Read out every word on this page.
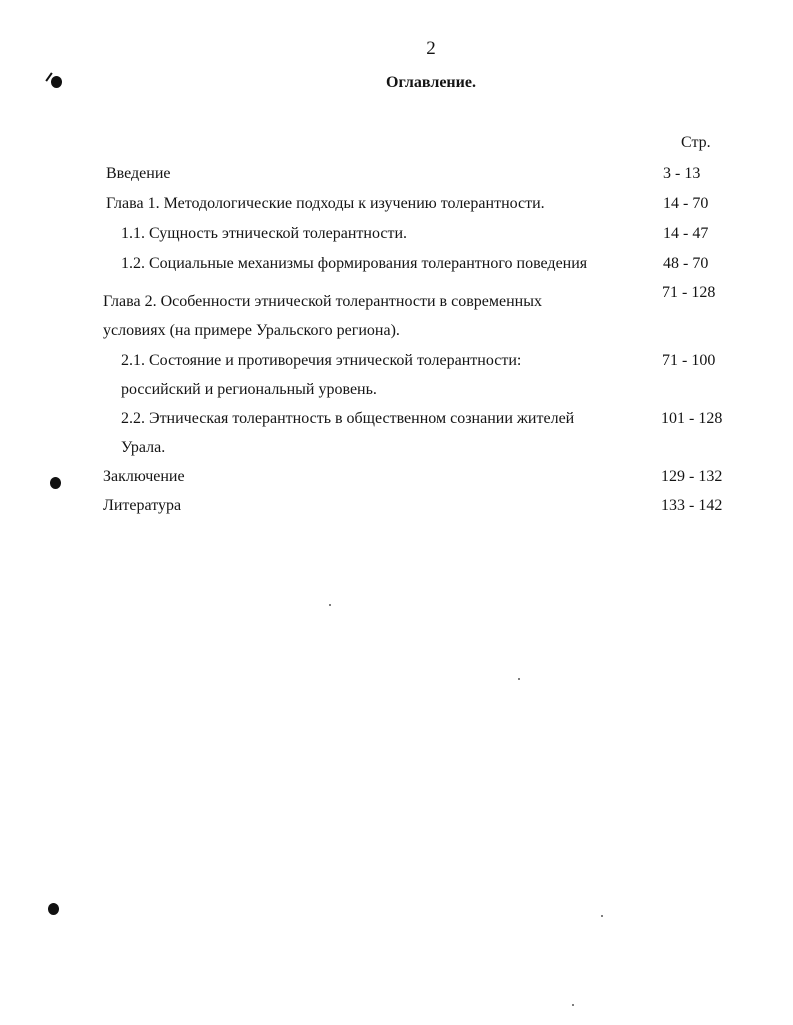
2
Оглавление.
Стр.
Введение	3 - 13
Глава 1. Методологические подходы к изучению толерантности.	14 - 70
1.1. Сущность этнической толерантности.	14 - 47
1.2. Социальные механизмы формирования толерантного поведения	48 - 70
Глава 2. Особенности этнической толерантности в современных
условиях (на примере Уральского региона).
71 - 128
2.1. Состояние и противоречия этнической толерантности:
российский и региональный уровень.
71 - 100
2.2. Этническая толерантность в общественном сознании жителей
Урала.
101 - 128
Заключение	129 - 132
Литература	133 - 142
